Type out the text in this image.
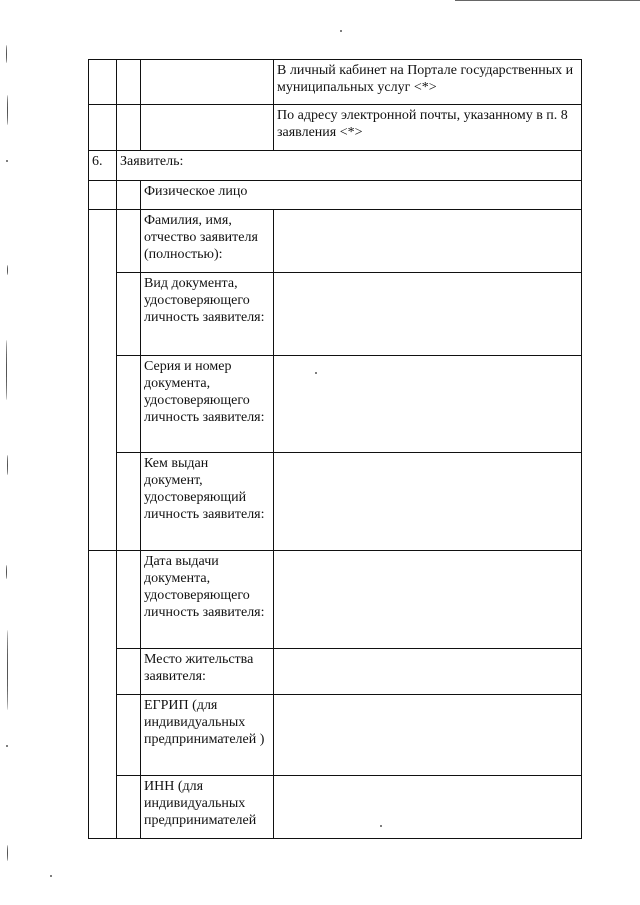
			В личный кабинет на Портале государственных и муниципальных услуг <*>
			По адресу электронной почты, указанному в п. 8 заявления <*>
6.	Заявитель:		
		Физическое лицо	
		Фамилия, имя, отчество заявителя (полностью):	
		Вид документа, удостоверяющего личность заявителя:	
		Серия и номер документа, удостоверяющего личность заявителя:	
		Кем выдан документ, удостоверяющий личность заявителя:	
		Дата выдачи документа, удостоверяющего личность заявителя:	
		Место жительства заявителя:	
		ЕГРИП (для индивидуальных предпринимателей )	
		ИНН (для индивидуальных предпринимателей	
